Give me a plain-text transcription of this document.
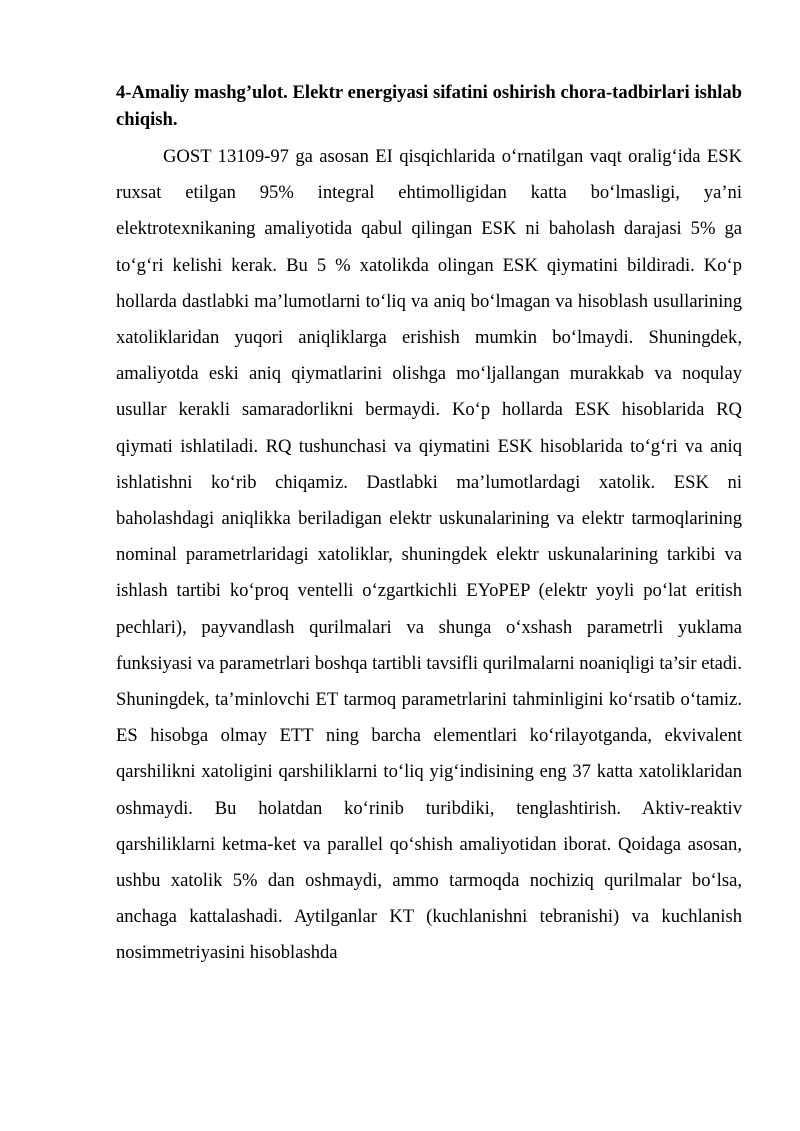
4-Amaliy mashg’ulot. Elektr energiyasi sifatini oshirish chora-tadbirlari ishlab chiqish.

GOST 13109-97 ga asosan EI qisqichlarida o‘rnatilgan vaqt oralig‘ida ESK ruxsat etilgan 95% integral ehtimolligidan katta bo‘lmasligi, ya’ni elektrotexnikaning amaliyotida qabul qilingan ESK ni baholash darajasi 5% ga to‘g‘ri kelishi kerak. Bu 5 % xatolikda olingan ESK qiymatini bildiradi. Ko‘p hollarda dastlabki ma’lumotlarni to‘liq va aniq bo‘lmagan va hisoblash usullarining xatoliklaridan yuqori aniqliklarga erishish mumkin bo‘lmaydi. Shuningdek, amaliyotda eski aniq qiymatlarini olishga mo‘ljallangan murakkab va noqulay usullar kerakli samaradorlikni bermaydi. Ko‘p hollarda ESK hisoblarida RQ qiymati ishlatiladi. RQ tushunchasi va qiymatini ESK hisoblarida to‘g‘ri va aniq ishlatishni ko‘rib chiqamiz. Dastlabki ma’lumotlardagi xatolik. ESK ni baholashdagi aniqlikka beriladigan elektr uskunalarining va elektr tarmoqlarining nominal parametrlaridagi xatoliklar, shuningdek elektr uskunalarining tarkibi va ishlash tartibi ko‘proq ventelli o‘zgartkichli EYoPEP (elektr yoyli po‘lat eritish pechlari), payvandlash qurilmalari va shunga o‘xshash parametrli yuklama funksiyasi va parametrlari boshqa tartibli tavsifli qurilmalarni noaniqligi ta’sir etadi. Shuningdek, ta’minlovchi ET tarmoq parametrlarini tahminligini ko‘rsatib o‘tamiz. ES hisobga olmay ETT ning barcha elementlari ko‘rilayotganda, ekvivalent qarshilikni xatoligini qarshiliklarni to‘liq yig‘indisining eng 37 katta xatoliklaridan oshmaydi. Bu holatdan ko‘rinib turibdiki, tenglashtirish. Aktiv-reaktiv qarshiliklarni ketma-ket va parallel qo‘shish amaliyotidan iborat. Qoidaga asosan, ushbu xatolik 5% dan oshmaydi, ammo tarmoqda nochiziq qurilmalar bo‘lsa, anchaga kattalashadi. Aytilganlar KT (kuchlanishni tebranishi) va kuchlanish nosimmetriyasini hisoblashda
